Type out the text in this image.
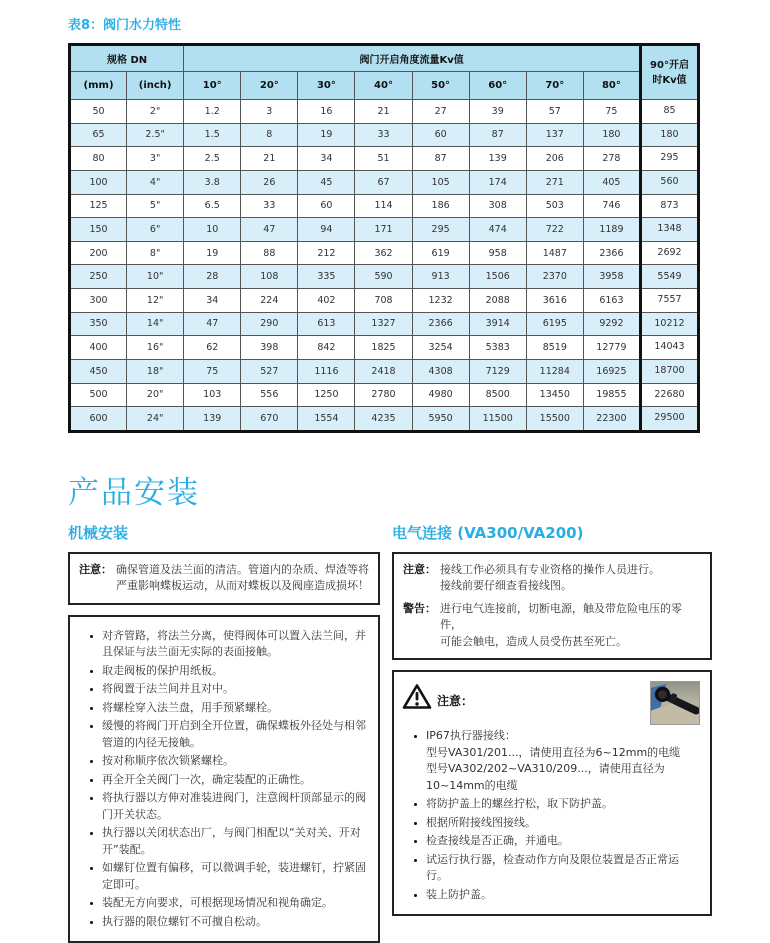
表8：阀门水力特性
规格 DN		阀门开启角度流量Kv值								90°开启 时Kv值
(mm)	(inch)	10°	20°	30°	40°	50°	60°	70°	80°	
50	2"	1.2	3	16	21	27	39	57	75	85
65	2.5"	1.5	8	19	33	60	87	137	180	180
80	3"	2.5	21	34	51	87	139	206	278	295
100	4"	3.8	26	45	67	105	174	271	405	560
125	5"	6.5	33	60	114	186	308	503	746	873
150	6"	10	47	94	171	295	474	722	1189	1348
200	8"	19	88	212	362	619	958	1487	2366	2692
250	10"	28	108	335	590	913	1506	2370	3958	5549
300	12"	34	224	402	708	1232	2088	3616	6163	7557
350	14"	47	290	613	1327	2366	3914	6195	9292	10212
400	16"	62	398	842	1825	3254	5383	8519	12779	14043
450	18"	75	527	1116	2418	4308	7129	11284	16925	18700
500	20"	103	556	1250	2780	4980	8500	13450	19855	22680
600	24"	139	670	1554	4235	5950	11500	15500	22300	29500
产品安装
机械安装
注意： 确保管道及法兰面的清洁。管道内的杂质、焊渣等将严重影响蝶板运动，从而对蝶板以及阀座造成损坏！
• 对齐管路，将法兰分离，使得阀体可以置入法兰间，并且保证与法兰面无实际的表面接触。
• 取走阀板的保护用纸板。
• 将阀置于法兰间并且对中。
• 将螺栓穿入法兰盘，用手预紧螺栓。
• 缓慢的将阀门开启到全开位置，确保蝶板外径处与相邻管道的内径无接触。
• 按对称顺序依次锁紧螺栓。
• 再全开全关阀门一次，确定装配的正确性。
• 将执行器以方伸对准装进阀门，注意阀杆顶部显示的阀门开关状态。
• 执行器以关闭状态出厂，与阀门相配以“关对关、开对开”装配。
• 如螺钉位置有偏移，可以微调手轮，装进螺钉，拧紧固定即可。
• 装配无方向要求，可根据现场情况和视角确定。
• 执行器的限位螺钉不可擅自松动。
电气连接 (VA300/VA200)
注意： 接线工作必须具有专业资格的操作人员进行。
接线前要仔细查看接线图。
警告： 进行电气连接前，切断电源，触及带危险电压的零件，
可能会触电，造成人员受伤甚至死亡。
注意：
• IP67执行器接线：
型号VA301/201...，请使用直径为6~12mm的电缆
型号VA302/202~VA310/209...，请使用直径为10~14mm的电缆
• 将防护盖上的螺丝拧松，取下防护盖。
• 根据所附接线图接线。
• 检查接线是否正确，并通电。
• 试运行执行器，检查动作方向及限位装置是否正常运行。
• 装上防护盖。
